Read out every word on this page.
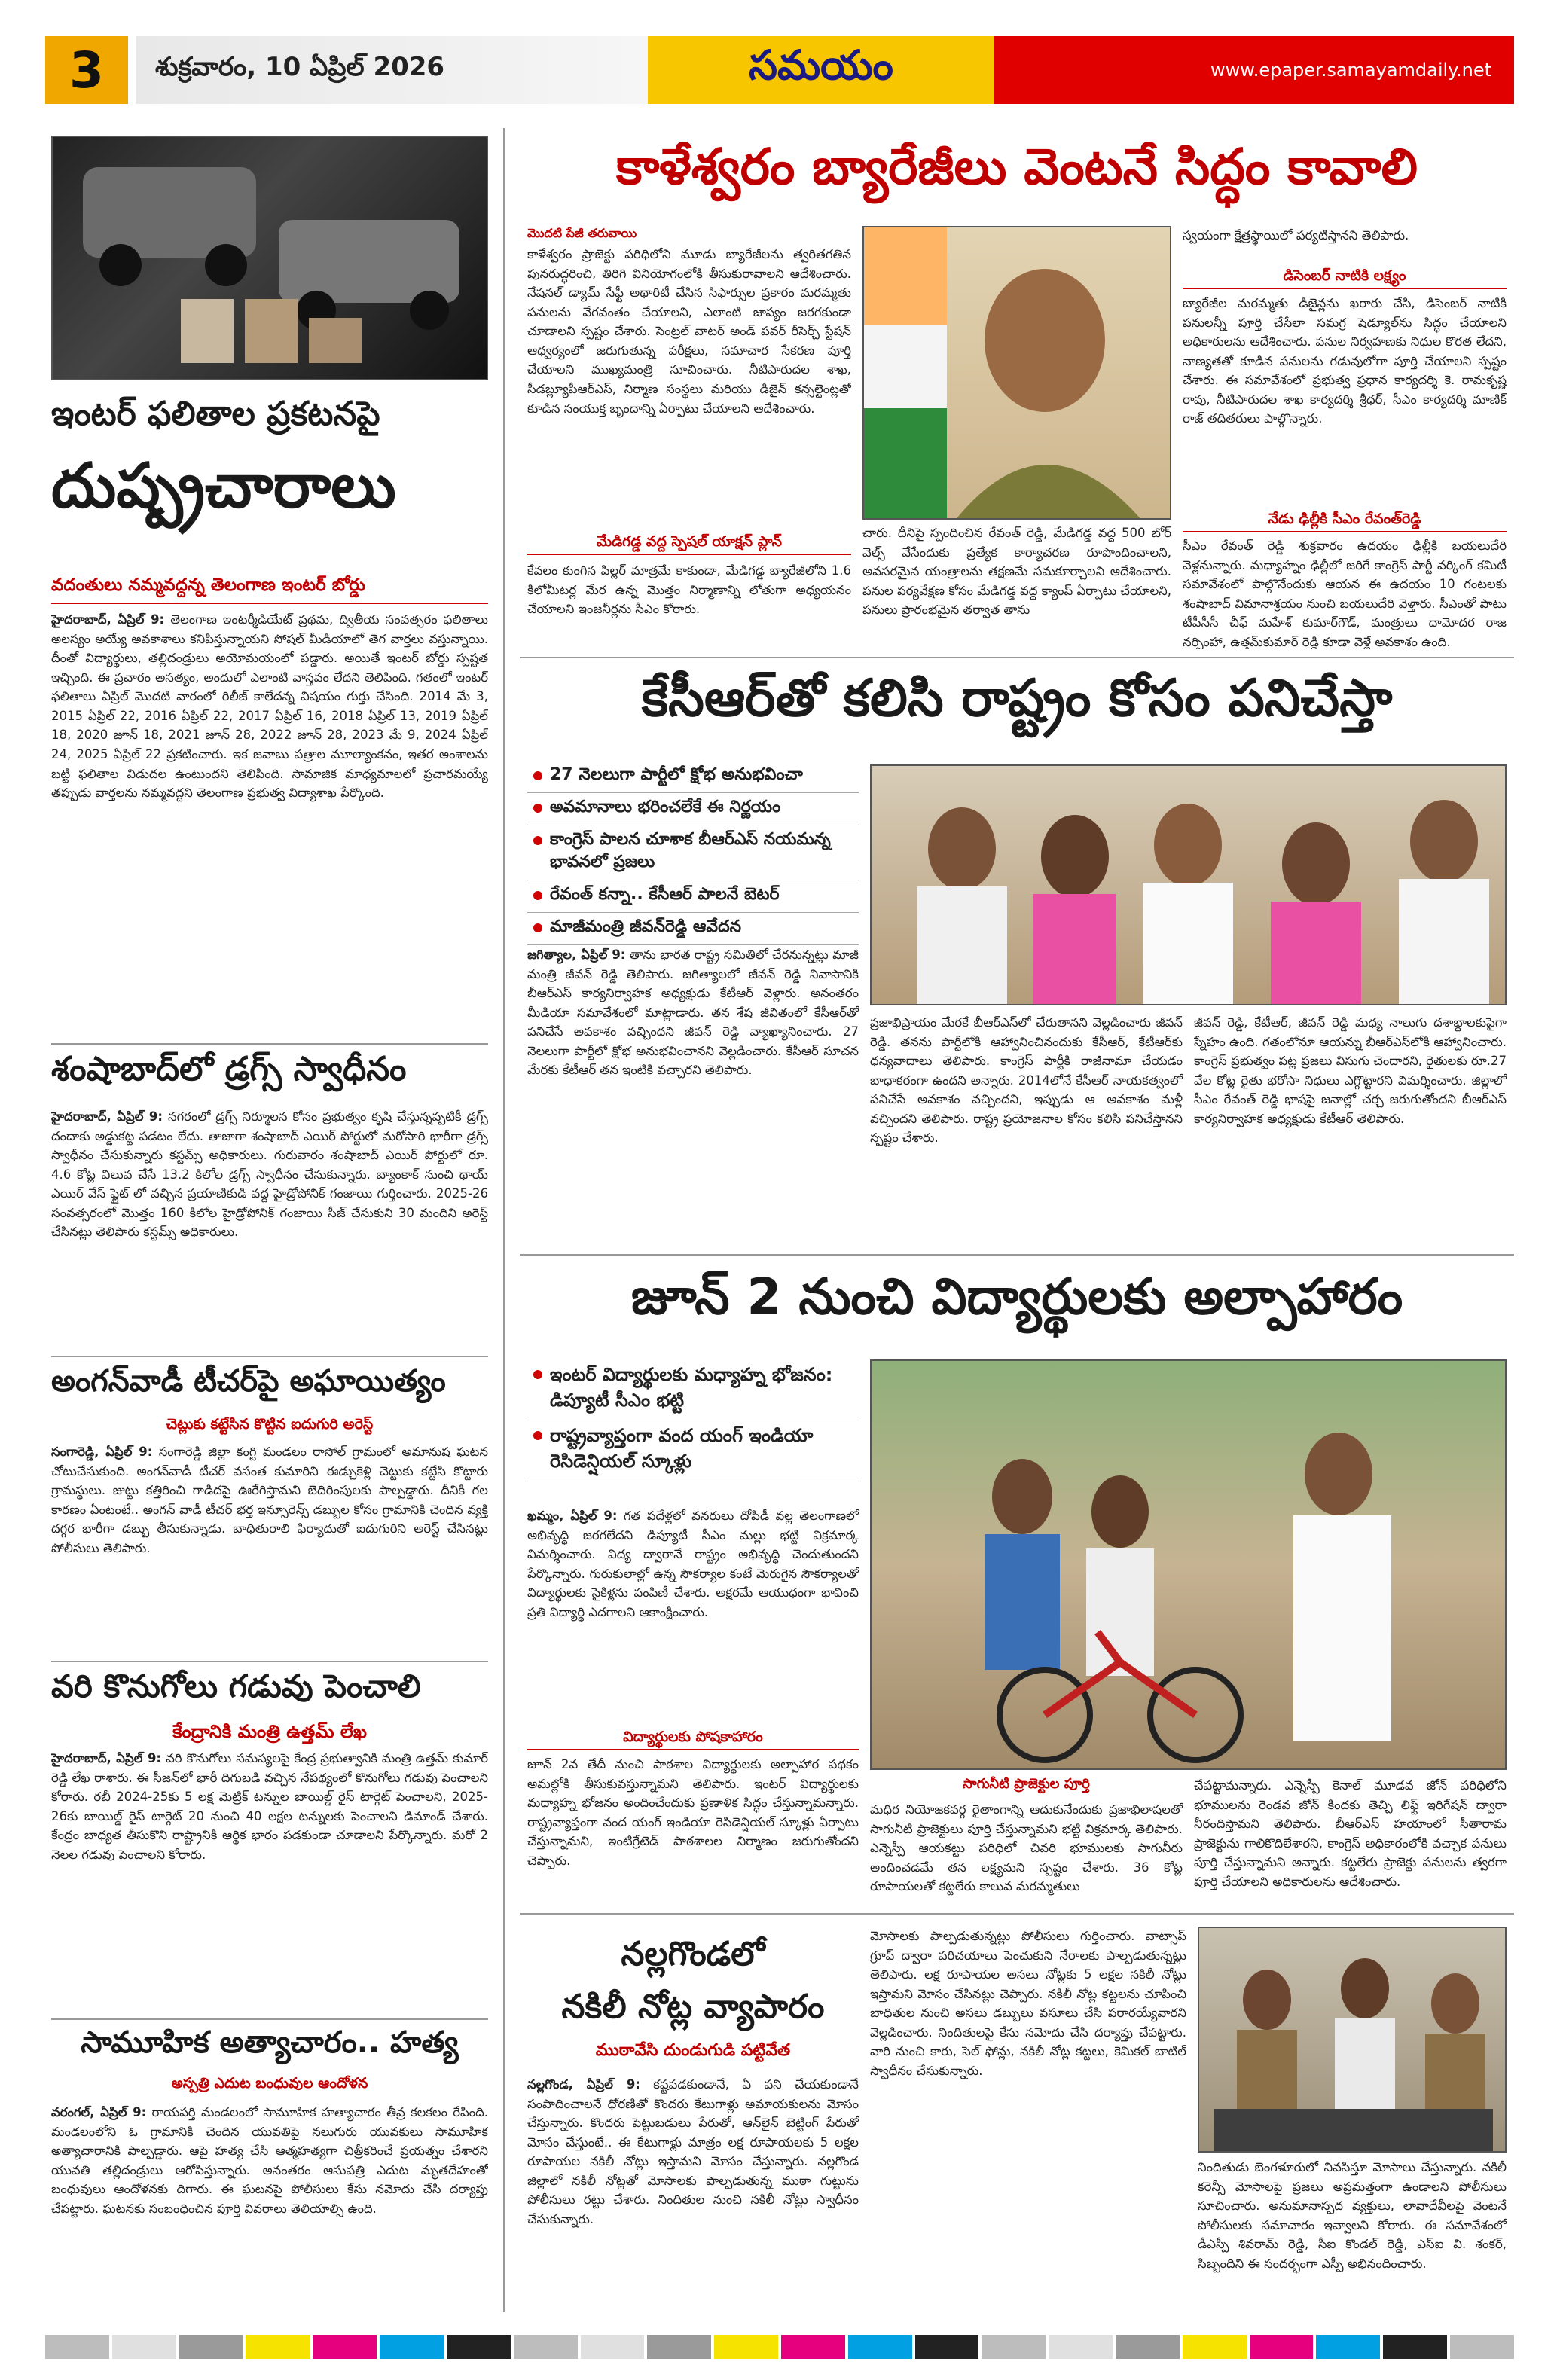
3	శుక్రవారం, 10 ఏప్రిల్ 2026	సమయం	www.epaper.samayamdaily.net
ఇంటర్ ఫలితాల ప్రకటనపై
దుష్ప్రచారాలు
వదంతులు నమ్మవద్దన్న తెలంగాణ ఇంటర్ బోర్డు
హైదరాబాద్, ఏప్రిల్ 9: తెలంగాణ ఇంటర్మీడియేట్ ప్రథమ, ద్వితీయ సంవత్సరం ఫలితాలు అలస్యం అయ్యే అవకాశాలు కనిపిస్తున్నాయని సోషల్ మీడియాలో తెగ వార్తలు వస్తున్నాయి. దీంతో విద్యార్థులు, తల్లిదండ్రులు అయోమయంలో పడ్డారు. అయితే ఇంటర్ బోర్డు స్పష్టత ఇచ్చింది. ఈ ప్రచారం అసత్యం, అందులో ఎలాంటి వాస్తవం లేదని తెలిపింది. గతంలో ఇంటర్ ఫలితాలు ఏప్రిల్ మొదటి వారంలో రిలీజ్ కాలేదన్న విషయం గుర్తు చేసింది. 2014 మే 3, 2015 ఏప్రిల్ 22, 2016 ఏప్రిల్ 22, 2017 ఏప్రిల్ 16, 2018 ఏప్రిల్ 13, 2019 ఏప్రిల్ 18, 2020 జూన్ 18, 2021 జూన్ 28, 2022 జూన్ 28, 2023 మే 9, 2024 ఏప్రిల్ 24, 2025 ఏప్రిల్ 22 ప్రకటించారు. ఇక జవాబు పత్రాల మూల్యాంకనం, ఇతర అంశాలను బట్టి ఫలితాల విడుదల ఉంటుందని తెలిపింది. సామాజిక మాధ్యమాలలో ప్రచారమయ్యే తప్పుడు వార్తలను నమ్మవద్దని తెలంగాణ ప్రభుత్వ విద్యాశాఖ పేర్కొంది.
శంషాబాద్‌లో డ్రగ్స్ స్వాధీనం
హైదరాబాద్, ఏప్రిల్ 9: నగరంలో డ్రగ్స్ నిర్మూలన కోసం ప్రభుత్వం కృషి చేస్తున్నప్పటికీ డ్రగ్స్ దందాకు అడ్డుకట్ట పడటం లేదు. తాజాగా శంషాబాద్ ఎయిర్ పోర్టులో మరోసారి భారీగా డ్రగ్స్ స్వాధీనం చేసుకున్నారు కస్టమ్స్ అధికారులు. గురువారం శంషాబాద్ ఎయిర్ పోర్టులో రూ. 4.6 కోట్ల విలువ చేసే 13.2 కిలోల డ్రగ్స్ స్వాధీనం చేసుకున్నారు. బ్యాంకాక్ నుంచి థాయ్ ఎయిర్ వేస్ ఫ్లైట్ లో వచ్చిన ప్రయాణికుడి వద్ద హైడ్రోపోనిక్ గంజాయి గుర్తించారు. 2025-26 సంవత్సరంలో మొత్తం 160 కిలోల హైడ్రోపోనిక్ గంజాయి సీజ్ చేసుకుని 30 మందిని అరెస్ట్ చేసినట్లు తెలిపారు కస్టమ్స్ అధికారులు.
అంగన్‌వాడీ టీచర్‌పై అఘాయిత్యం
చెట్లుకు కట్టేసిన కొట్టిన ఐదుగురి అరెస్ట్
సంగారెడ్డి, ఏప్రిల్ 9: సంగారెడ్డి జిల్లా కంగ్టి మండలం రాసోల్ గ్రామంలో అమానుష ఘటన చోటుచేసుకుంది. అంగన్‌వాడీ టీచర్ వసంత కుమారిని ఈడ్చుకెళ్లి చెట్టుకు కట్టేసి కొట్టారు గ్రామస్థులు. జుట్టు కత్తిరించి గాడిదపై ఊరేగిస్తామని బెదిరింపులకు పాల్పడ్డారు. దీనికి గల కారణం ఏంటంటే.. అంగన్ వాడీ టీచర్ భర్త ఇన్సూరెన్స్ డబ్బుల కోసం గ్రామానికి చెందిన వ్యక్తి దగ్గర భారీగా డబ్బు తీసుకున్నాడు. బాధితురాలి ఫిర్యాదుతో ఐదుగురిని అరెస్ట్ చేసినట్లు పోలీసులు తెలిపారు.
వరి కొనుగోలు గడువు పెంచాలి
కేంద్రానికి మంత్రి ఉత్తమ్ లేఖ
హైదరాబాద్, ఏప్రిల్ 9: వరి కొనుగోలు సమస్యలపై కేంద్ర ప్రభుత్వానికి మంత్రి ఉత్తమ్ కుమార్ రెడ్డి లేఖ రాశారు. ఈ సీజన్‌లో భారీ దిగుబడి వచ్చిన నేపథ్యంలో కొనుగోలు గడువు పెంచాలని కోరారు. రబీ 2024-25కు 5 లక్ష మెట్రిక్ టన్నుల బాయిల్డ్ రైస్ టార్గెట్ పెంచాలని, 2025-26కు బాయిల్డ్ రైస్ టార్గెట్ 20 నుంచి 40 లక్షల టన్నులకు పెంచాలని డిమాండ్ చేశారు. కేంద్రం బాధ్యత తీసుకొని రాష్ట్రానికి ఆర్థిక భారం పడకుండా చూడాలని పేర్కొన్నారు. మరో 2 నెలల గడువు పెంచాలని కోరారు.
సామూహిక అత్యాచారం.. హత్య
అస్పత్రి ఎదుట బంధువుల ఆందోళన
వరంగల్, ఏప్రిల్ 9: రాయపర్తి మండలంలో సామూహిక హత్యాచారం తీవ్ర కలకలం రేపింది. మండలంలోని ఓ గ్రామానికి చెందిన యువతిపై నలుగురు యువకులు సామూహిక అత్యాచారానికి పాల్పడ్డారు. ఆపై హత్య చేసి ఆత్మహత్యగా చిత్రీకరించే ప్రయత్నం చేశారని యువతి తల్లిదండ్రులు ఆరోపిస్తున్నారు. అనంతరం ఆసుపత్రి ఎదుట మృతదేహంతో బంధువులు ఆందోళనకు దిగారు. ఈ ఘటనపై పోలీసులు కేసు నమోదు చేసి దర్యాప్తు చేపట్టారు. ఘటనకు సంబంధించిన పూర్తి వివరాలు తెలియాల్సి ఉంది.
కాళేశ్వరం బ్యారేజీలు వెంటనే సిద్ధం కావాలి
మొదటి పేజీ తరువాయి
కాళేశ్వరం ప్రాజెక్టు పరిధిలోని మూడు బ్యారేజీలను త్వరితగతిన పునరుద్ధరించి, తిరిగి వినియోగంలోకి తీసుకురావాలని ఆదేశించారు. నేషనల్ డ్యామ్ సేఫ్టీ అథారిటీ చేసిన సిఫార్సుల ప్రకారం మరమ్మతు పనులను వేగవంతం చేయాలని, ఎలాంటి జాప్యం జరగకుండా చూడాలని స్పష్టం చేశారు. సెంట్రల్ వాటర్ అండ్ పవర్ రీసెర్చ్ స్టేషన్ ఆధ్వర్యంలో జరుగుతున్న పరీక్షలు, సమాచార సేకరణ పూర్తి చేయాలని ముఖ్యమంత్రి సూచించారు. నీటిపారుదల శాఖ, సీడబ్ల్యూపీఆర్ఎస్, నిర్మాణ సంస్థలు మరియు డిజైన్ కన్సల్టెంట్లతో కూడిన సంయుక్త బృందాన్ని ఏర్పాటు చేయాలని ఆదేశించారు.
మేడిగడ్డ వద్ద స్పెషల్ యాక్షన్ ప్లాన్
కేవలం కుంగిన పిల్లర్ మాత్రమే కాకుండా, మేడిగడ్డ బ్యారేజీలోని 1.6 కిలోమీటర్ల మేర ఉన్న మొత్తం నిర్మాణాన్ని లోతుగా అధ్యయనం చేయాలని ఇంజనీర్లను సీఎం కోరారు.
చారు. దీనిపై స్పందించిన రేవంత్ రెడ్డి, మేడిగడ్డ వద్ద 500 బోర్ వెల్స్ వేసేందుకు ప్రత్యేక కార్యాచరణ రూపొందించాలని, అవసరమైన యంత్రాలను తక్షణమే సమకూర్చాలని ఆదేశించారు. పనుల పర్యవేక్షణ కోసం మేడిగడ్డ వద్ద క్యాంప్ ఏర్పాటు చేయాలని, పనులు ప్రారంభమైన తర్వాత తాను
స్వయంగా క్షేత్రస్థాయిలో పర్యటిస్తానని తెలిపారు.
డిసెంబర్ నాటికి లక్ష్యం
బ్యారేజీల మరమ్మతు డిజైన్లను ఖరారు చేసి, డిసెంబర్ నాటికి పనులన్నీ పూర్తి చేసేలా సమగ్ర షెడ్యూల్‌ను సిద్ధం చేయాలని అధికారులను ఆదేశించారు. పనుల నిర్వహణకు నిధుల కొరత లేదని, నాణ్యతతో కూడిన పనులను గడువులోగా పూర్తి చేయాలని స్పష్టం చేశారు. ఈ సమావేశంలో ప్రభుత్వ ప్రధాన కార్యదర్శి కె. రామకృష్ణ రావు, నీటిపారుదల శాఖ కార్యదర్శి శ్రీధర్, సీఎం కార్యదర్శి మాణిక్ రాజ్ తదితరులు పాల్గొన్నారు.
నేడు ఢిల్లీకి సీఎం రేవంత్‌రెడ్డి
సీఎం రేవంత్ రెడ్డి శుక్రవారం ఉదయం ఢిల్లీకి బయలుదేరి వెళ్లనున్నారు. మధ్యాహ్నం ఢిల్లీలో జరిగే కాంగ్రెస్ పార్టీ వర్కింగ్ కమిటీ సమావేశంలో పాల్గొనేందుకు ఆయన ఈ ఉదయం 10 గంటలకు శంషాబాద్ విమానాశ్రయం నుంచి బయలుదేరి వెళ్తారు. సీఎంతో పాటు టీపీసీసీ చీఫ్ మహేశ్ కుమార్‌గౌడ్, మంత్రులు దామోదర రాజ నర్సింహా, ఉత్తమ్‌కుమార్ రెడ్డి కూడా వెళ్లే అవకాశం ఉంది.
కేసీఆర్‌తో కలిసి రాష్ట్రం కోసం పనిచేస్తా
27 నెలలుగా పార్టీలో క్షోభ అనుభవించా
అవమానాలు భరించలేకే ఈ నిర్ణయం
కాంగ్రెస్ పాలన చూశాక బీఆర్ఎస్ నయమన్న భావనలో ప్రజలు
రేవంత్ కన్నా.. కేసీఆర్ పాలనే బెటర్
మాజీమంత్రి జీవన్‌రెడ్డి ఆవేదన
జగిత్యాల, ఏప్రిల్ 9: తాను భారత రాష్ట్ర సమితిలో చేరనున్నట్లు మాజీ మంత్రి జీవన్ రెడ్డి తెలిపారు. జగిత్యాలలో జీవన్ రెడ్డి నివాసానికి బీఆర్ఎస్ కార్యనిర్వాహక అధ్యక్షుడు కేటీఆర్ వెళ్లారు. అనంతరం మీడియా సమావేశంలో మాట్లాడారు. తన శేష జీవితంలో కేసీఆర్‌తో పనిచేసే అవకాశం వచ్చిందని జీవన్ రెడ్డి వ్యాఖ్యానించారు. 27 నెలలుగా పార్టీలో క్షోభ అనుభవించానని వెల్లడించారు. కేసీఆర్ సూచన మేరకు కేటీఆర్ తన ఇంటికి వచ్చారని తెలిపారు.
ప్రజాభిప్రాయం మేరకే బీఆర్ఎస్‌లో చేరుతానని వెల్లడించారు జీవన్ రెడ్డి. తనను పార్టీలోకి ఆహ్వానించినందుకు కేసీఆర్, కేటీఆర్‌కు ధన్యవాదాలు తెలిపారు. కాంగ్రెస్ పార్టీకి రాజీనామా చేయడం బాధాకరంగా ఉందని అన్నారు. 2014లోనే కేసీఆర్ నాయకత్వంలో పనిచేసే అవకాశం వచ్చిందని, ఇప్పుడు ఆ అవకాశం మళ్లీ వచ్చిందని తెలిపారు. రాష్ట్ర ప్రయోజనాల కోసం కలిసి పనిచేస్తానని స్పష్టం చేశారు.
జీవన్ రెడ్డి, కేటీఆర్, జీవన్ రెడ్డి మధ్య నాలుగు దశాబ్దాలకుపైగా స్నేహం ఉంది. గతంలోనూ ఆయన్ను బీఆర్ఎస్‌లోకి ఆహ్వానించారు. కాంగ్రెస్ ప్రభుత్వం పట్ల ప్రజలు విసుగు చెందారని, రైతులకు రూ.27 వేల కోట్ల రైతు భరోసా నిధులు ఎగ్గొట్టారని విమర్శించారు. జిల్లాలో సీఎం రేవంత్ రెడ్డి భాషపై జనాల్లో చర్చ జరుగుతోందని బీఆర్ఎస్ కార్యనిర్వాహక అధ్యక్షుడు కేటీఆర్ తెలిపారు.
జూన్ 2 నుంచి విద్యార్థులకు అల్పాహారం
ఇంటర్ విద్యార్థులకు మధ్యాహ్న భోజనం: డిప్యూటీ సీఎం భట్టి
రాష్ట్రవ్యాప్తంగా వంద యంగ్ ఇండియా రెసిడెన్షియల్ స్కూళ్లు
ఖమ్మం, ఏప్రిల్ 9: గత పదేళ్లలో వనరులు దోపిడీ వల్ల తెలంగాణలో అభివృద్ధి జరగలేదని డిప్యూటీ సీఎం మల్లు భట్టి విక్రమార్క విమర్శించారు. విద్య ద్వారానే రాష్ట్రం అభివృద్ధి చెందుతుందని పేర్కొన్నారు. గురుకులాల్లో ఉన్న సౌకర్యాల కంటే మెరుగైన సౌకర్యాలతో విద్యార్థులకు సైకిళ్లను పంపిణీ చేశారు. అక్షరమే ఆయుధంగా భావించి ప్రతి విద్యార్థి ఎదగాలని ఆకాంక్షించారు.
విద్యార్థులకు పోషకాహారం
జూన్ 2వ తేదీ నుంచి పాఠశాల విద్యార్థులకు అల్పాహార పథకం అమల్లోకి తీసుకువస్తున్నామని తెలిపారు. ఇంటర్ విద్యార్థులకు మధ్యాహ్న భోజనం అందించేందుకు ప్రణాళిక సిద్ధం చేస్తున్నామన్నారు. రాష్ట్రవ్యాప్తంగా వంద యంగ్ ఇండియా రెసిడెన్షియల్ స్కూళ్లు ఏర్పాటు చేస్తున్నామని, ఇంటిగ్రేటెడ్ పాఠశాలల నిర్మాణం జరుగుతోందని చెప్పారు.
సాగునీటి ప్రాజెక్టుల పూర్తి
మధిర నియోజకవర్గ రైతాంగాన్ని ఆదుకునేందుకు ప్రజాభిలాషలతో సాగునీటి ప్రాజెక్టులు పూర్తి చేస్తున్నామని భట్టి విక్రమార్క తెలిపారు. ఎన్నెస్పీ ఆయకట్టు పరిధిలో చివరి భూములకు సాగునీరు అందించడమే తన లక్ష్యమని స్పష్టం చేశారు. 36 కోట్ల రూపాయలతో కట్టలేరు కాలువ మరమ్మతులు
చేపట్టామన్నారు. ఎన్నెస్పీ కెనాల్ మూడవ జోన్ పరిధిలోని భూములను రెండవ జోన్ కిందకు తెచ్చి లిఫ్ట్ ఇరిగేషన్ ద్వారా నీరందిస్తామని తెలిపారు. బీఆర్ఎస్ హయాంలో సీతారామ ప్రాజెక్టును గాలికొదిలేశారని, కాంగ్రెస్ అధికారంలోకి వచ్చాక పనులు పూర్తి చేస్తున్నామని అన్నారు. కట్టలేరు ప్రాజెక్టు పనులను త్వరగా పూర్తి చేయాలని అధికారులను ఆదేశించారు.
నల్లగొండలో
నకిలీ నోట్ల వ్యాపారం
ముఠావేసి దుండుగుడి పట్టివేత
నల్లగొండ, ఏప్రిల్ 9: కష్టపడకుండానే, ఏ పని చేయకుండానే సంపాదించాలనే ధోరణితో కొందరు కేటుగాళ్లు అమాయకులను మోసం చేస్తున్నారు. కొందరు పెట్టుబడులు పేరుతో, ఆన్‌లైన్ బెట్టింగ్ పేరుతో మోసం చేస్తుంటే.. ఈ కేటుగాళ్లు మాత్రం లక్ష రూపాయలకు 5 లక్షల రూపాయల నకిలీ నోట్లు ఇస్తామని మోసం చేస్తున్నారు. నల్లగొండ జిల్లాలో నకిలీ నోట్లతో మోసాలకు పాల్పడుతున్న ముఠా గుట్టును పోలీసులు రట్టు చేశారు. నిందితుల నుంచి నకిలీ నోట్లు స్వాధీనం చేసుకున్నారు.
మోసాలకు పాల్పడుతున్నట్లు పోలీసులు గుర్తించారు. వాట్సాప్ గ్రూప్ ద్వారా పరిచయాలు పెంచుకుని నేరాలకు పాల్పడుతున్నట్లు తెలిపారు. లక్ష రూపాయల అసలు నోట్లకు 5 లక్షల నకిలీ నోట్లు ఇస్తామని మోసం చేసినట్లు చెప్పారు. నకిలీ నోట్ల కట్టలను చూపించి బాధితుల నుంచి అసలు డబ్బులు వసూలు చేసి పరారయ్యేవారని వెల్లడించారు. నిందితులపై కేసు నమోదు చేసి దర్యాప్తు చేపట్టారు. వారి నుంచి కారు, సెల్ ఫోన్లు, నకిలీ నోట్ల కట్టలు, కెమికల్ బాటిల్ స్వాధీనం చేసుకున్నారు.
నిందితుడు బెంగళూరులో నివసిస్తూ మోసాలు చేస్తున్నారు. నకిలీ కరెన్సీ మోసాలపై ప్రజలు అప్రమత్తంగా ఉండాలని పోలీసులు సూచించారు. అనుమానాస్పద వ్యక్తులు, లావాదేవీలపై వెంటనే పోలీసులకు సమాచారం ఇవ్వాలని కోరారు. ఈ సమావేశంలో డీఎస్పీ శివరామ్ రెడ్డి, సీఐ కొండల్ రెడ్డి, ఎస్ఐ వి. శంకర్, సిబ్బందిని ఈ సందర్భంగా ఎస్పీ అభినందించారు.
